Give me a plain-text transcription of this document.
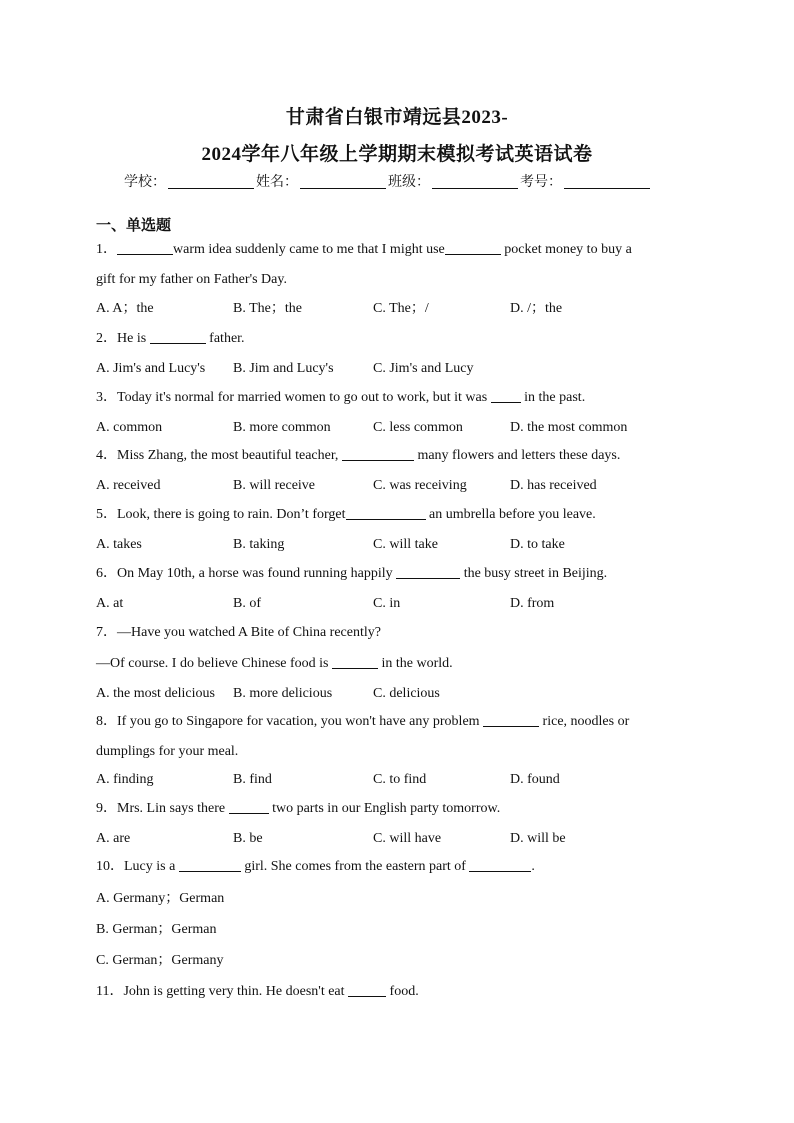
甘肃省白银市靖远县2023-
2024学年八年级上学期期末模拟考试英语试卷
学校：	姓名：	班级：	考号：
一、单选题
1．	warm idea suddenly came to me that I might use	pocket money to buy a
gift for my father on Father's Day.
A. A；the	B. The；the	C. The；/	D. /；the
2．He is	father.
A. Jim's and Lucy's B. Jim and Lucy's	C. Jim's and Lucy
3．Today it's normal for married women to go out to work, but it was  in the past.
A. common	B. more common	C. less common	D. the most common
4．Miss Zhang, the most beautiful teacher,	many flowers and letters these days.
A. received	B. will receive	C. was receiving	D. has received
5．Look, there is going to rain. Don’t forget	an umbrella before you leave.
A. takes	B. taking	C. will take	D. to take
6．On May 10th, a horse was found running happily	the busy street in Beijing.
A. at	B. of	C. in	D. from
7．—Have you watched A Bite of China recently?
—Of course. I do believe Chinese food is	in the world.
A. the most delicious B. more delicious	C. delicious
8．If you go to Singapore for vacation, you won't have any problem	rice, noodles or
dumplings for your meal.
A. finding	B. find	C. to find	D. found
9．Mrs. Lin says there	two parts in our English party tomorrow.
A. are	B. be	C. will have	D. will be
10．Lucy is a	girl. She comes from the eastern part of	.
A. Germany；German
B. German；German
C. German；Germany
11．John is getting very thin. He doesn't eat	food.
